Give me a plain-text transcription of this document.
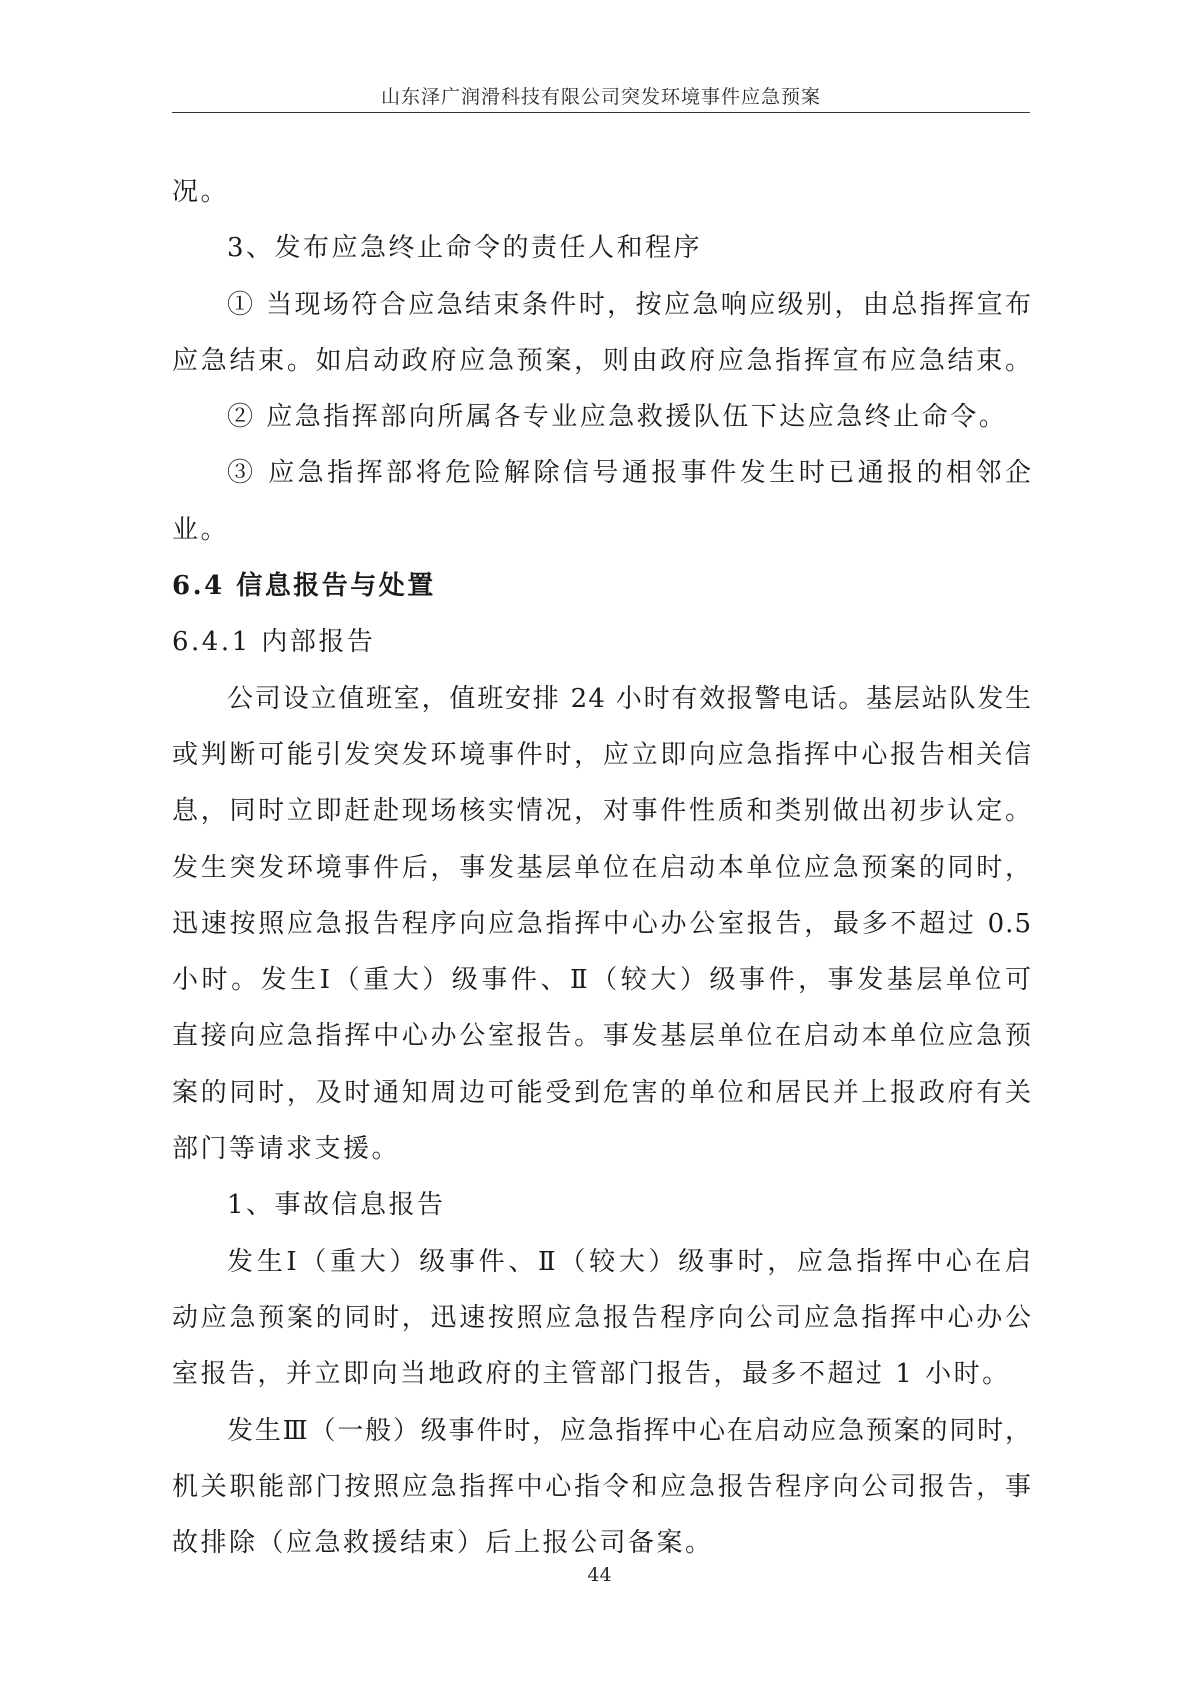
山东泽广润滑科技有限公司突发环境事件应急预案
况。
3、发布应急终止命令的责任人和程序
① 当现场符合应急结束条件时，按应急响应级别，由总指挥宣布
应急结束。如启动政府应急预案，则由政府应急指挥宣布应急结束。
② 应急指挥部向所属各专业应急救援队伍下达应急终止命令。
③ 应急指挥部将危险解除信号通报事件发生时已通报的相邻企
业。
6.4 信息报告与处置
6.4.1 内部报告
公司设立值班室，值班安排 24 小时有效报警电话。基层站队发生
或判断可能引发突发环境事件时，应立即向应急指挥中心报告相关信
息，同时立即赶赴现场核实情况，对事件性质和类别做出初步认定。
发生突发环境事件后，事发基层单位在启动本单位应急预案的同时，
迅速按照应急报告程序向应急指挥中心办公室报告，最多不超过 0.5
小时。发生Ⅰ（重大）级事件、Ⅱ（较大）级事件，事发基层单位可
直接向应急指挥中心办公室报告。事发基层单位在启动本单位应急预
案的同时，及时通知周边可能受到危害的单位和居民并上报政府有关
部门等请求支援。
1、事故信息报告
发生Ⅰ（重大）级事件、Ⅱ（较大）级事时，应急指挥中心在启
动应急预案的同时，迅速按照应急报告程序向公司应急指挥中心办公
室报告，并立即向当地政府的主管部门报告，最多不超过 1 小时。
发生Ⅲ（一般）级事件时，应急指挥中心在启动应急预案的同时，
机关职能部门按照应急指挥中心指令和应急报告程序向公司报告，事
故排除（应急救援结束）后上报公司备案。
44
